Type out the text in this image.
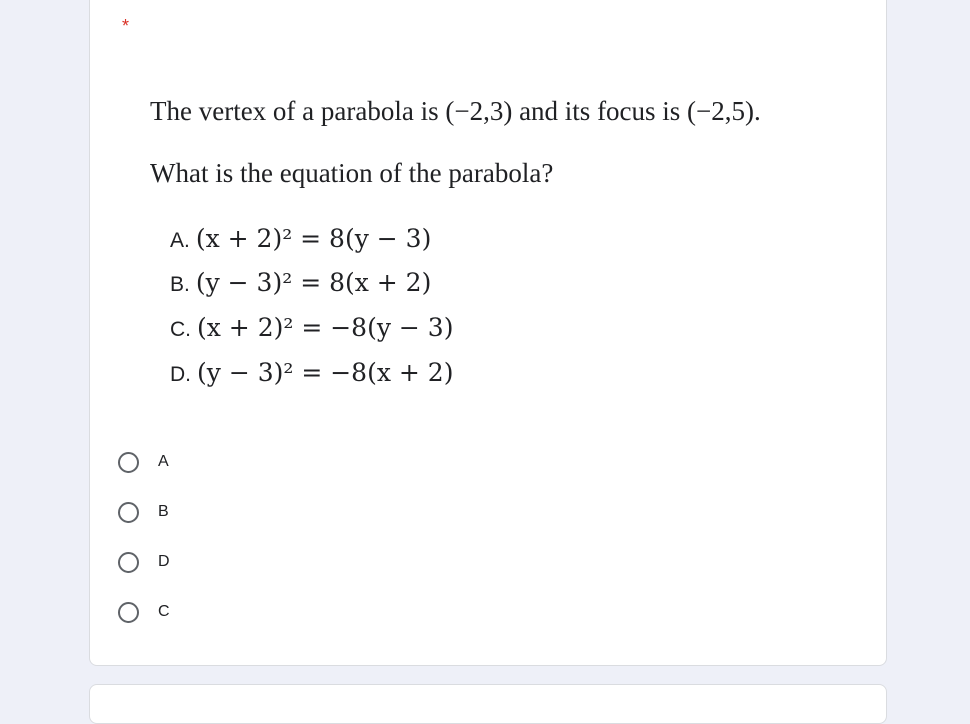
*
The vertex of a parabola is (−2,3) and its focus is (−2,5).
What is the equation of the parabola?
A. (x + 2)² = 8(y − 3)
B. (y − 3)² = 8(x + 2)
C. (x + 2)² = −8(y − 3)
D. (y − 3)² = −8(x + 2)
A
B
D
C
